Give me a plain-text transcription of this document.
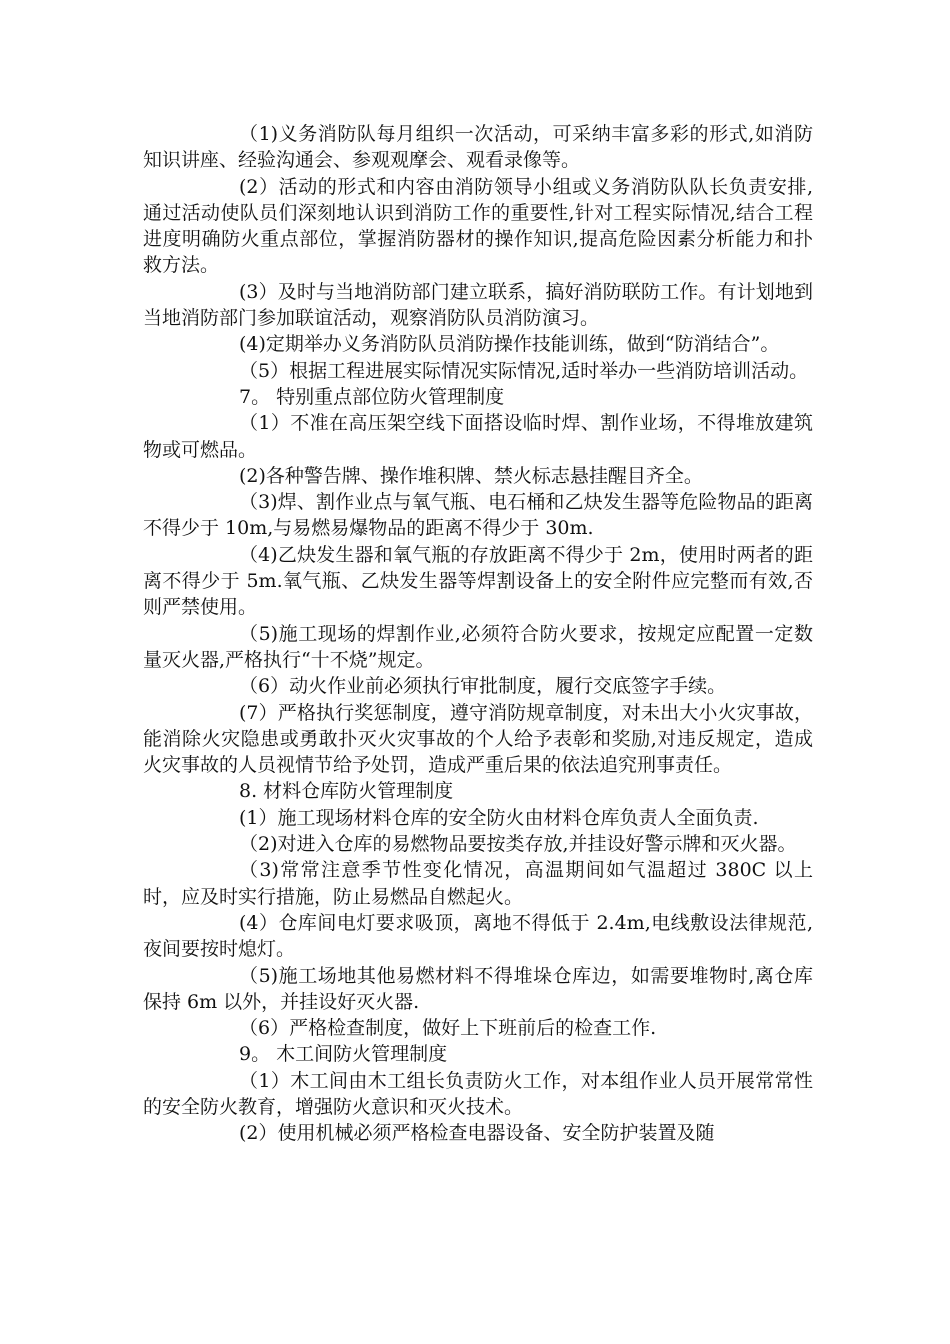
（1)义务消防队每月组织一次活动，可采纳丰富多彩的形式,如消防知识讲座、经验沟通会、参观观摩会、观看录像等。

(2）活动的形式和内容由消防领导小组或义务消防队队长负责安排,通过活动使队员们深刻地认识到消防工作的重要性,针对工程实际情况,结合工程进度明确防火重点部位，掌握消防器材的操作知识,提高危险因素分析能力和扑救方法。

(3）及时与当地消防部门建立联系，搞好消防联防工作。有计划地到当地消防部门参加联谊活动，观察消防队员消防演习。

(4)定期举办义务消防队员消防操作技能训练，做到“防消结合”。

（5）根据工程进展实际情况实际情况,适时举办一些消防培训活动。

7。 特别重点部位防火管理制度

（1）不准在高压架空线下面搭设临时焊、割作业场，不得堆放建筑物或可燃品。

(2)各种警告牌、操作堆积牌、禁火标志悬挂醒目齐全。

（3)焊、割作业点与氧气瓶、电石桶和乙炔发生器等危险物品的距离不得少于 10m,与易燃易爆物品的距离不得少于 30m.

（4)乙炔发生器和氧气瓶的存放距离不得少于 2m，使用时两者的距离不得少于 5m.氧气瓶、乙炔发生器等焊割设备上的安全附件应完整而有效,否则严禁使用。

（5)施工现场的焊割作业,必须符合防火要求，按规定应配置一定数量灭火器,严格执行“十不烧”规定。

（6）动火作业前必须执行审批制度，履行交底签字手续。

(7）严格执行奖惩制度，遵守消防规章制度，对未出大小火灾事故，能消除火灾隐患或勇敢扑灭火灾事故的个人给予表彰和奖励,对违反规定，造成火灾事故的人员视情节给予处罚，造成严重后果的依法追究刑事责任。

8. 材料仓库防火管理制度

(1）施工现场材料仓库的安全防火由材料仓库负责人全面负责.

（2)对进入仓库的易燃物品要按类存放,并挂设好警示牌和灭火器。

（3)常常注意季节性变化情况，高温期间如气温超过 380C 以上时，应及时实行措施，防止易燃品自燃起火。

(4）仓库间电灯要求吸顶，离地不得低于 2.4m,电线敷设法律规范,夜间要按时熄灯。

（5)施工场地其他易燃材料不得堆垛仓库边，如需要堆物时,离仓库保持 6m 以外，并挂设好灭火器.

（6）严格检查制度，做好上下班前后的检查工作.

9。 木工间防火管理制度

（1）木工间由木工组长负责防火工作，对本组作业人员开展常常性的安全防火教育，增强防火意识和灭火技术。

(2）使用机械必须严格检查电器设备、安全防护装置及随
